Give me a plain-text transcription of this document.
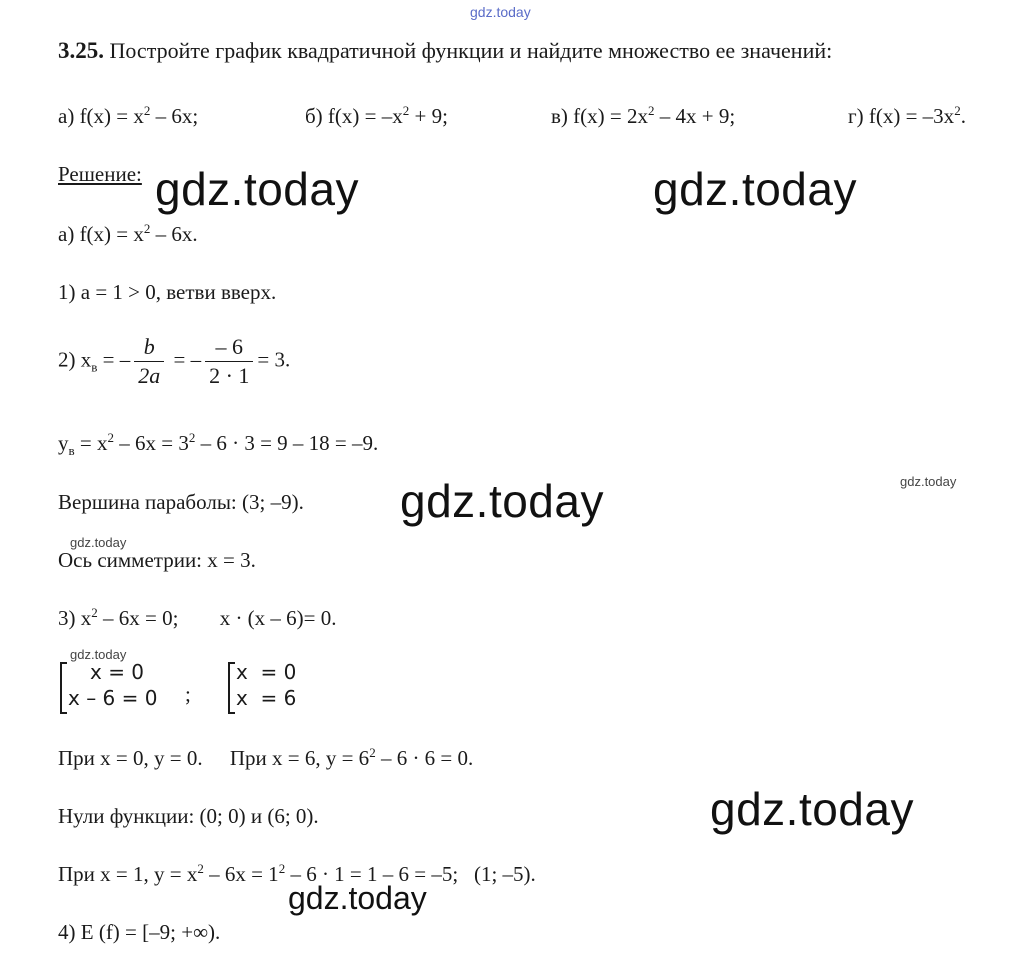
gdz.today
3.25. Постройте график квадратичной функции и найдите множество ее значений:
а) $f(x) = x^2 - 6x$;	б) $f(x) = -x^2 + 9$;	в) $f(x) = 2x^2 - 4x + 9$;	г) $f(x) = -3x^2$.
Решение: gdz.today	gdz.today
а) $f(x) = x^2 - 6x$.
1) a = 1 > 0, ветви вверх.
2) $x_в$ = – $\frac{b}{2a}$ = – $\frac{- 6}{2 \cdot 1} = 3$.
$y_в = x^2 - 6x = 3^2 - 6 \cdot 3 = 9 - 18 = -9$.
gdz.today
Вершина параболы: (3; –9). gdz.today
gdz.today
Ось симметрии: x = 3.
3) $x^2 - 6x = 0$; x · (x – 6)= 0.
gdz.today
x = 0
x – 6 = 0 ;
x  = 0
x  = 6
При x = 0, y = 0. При x = 6, $y = 6^2 - 6 \cdot 6 = 0$.
Нули функции: (0; 0) и (6; 0).	gdz.today
При x = 1, $y = x^2 - 6x = 1^2 - 6 \cdot 1 = 1 - 6 = -5$;   (1; –5).
gdz.today
4) E (f) = [–9; +∞).
